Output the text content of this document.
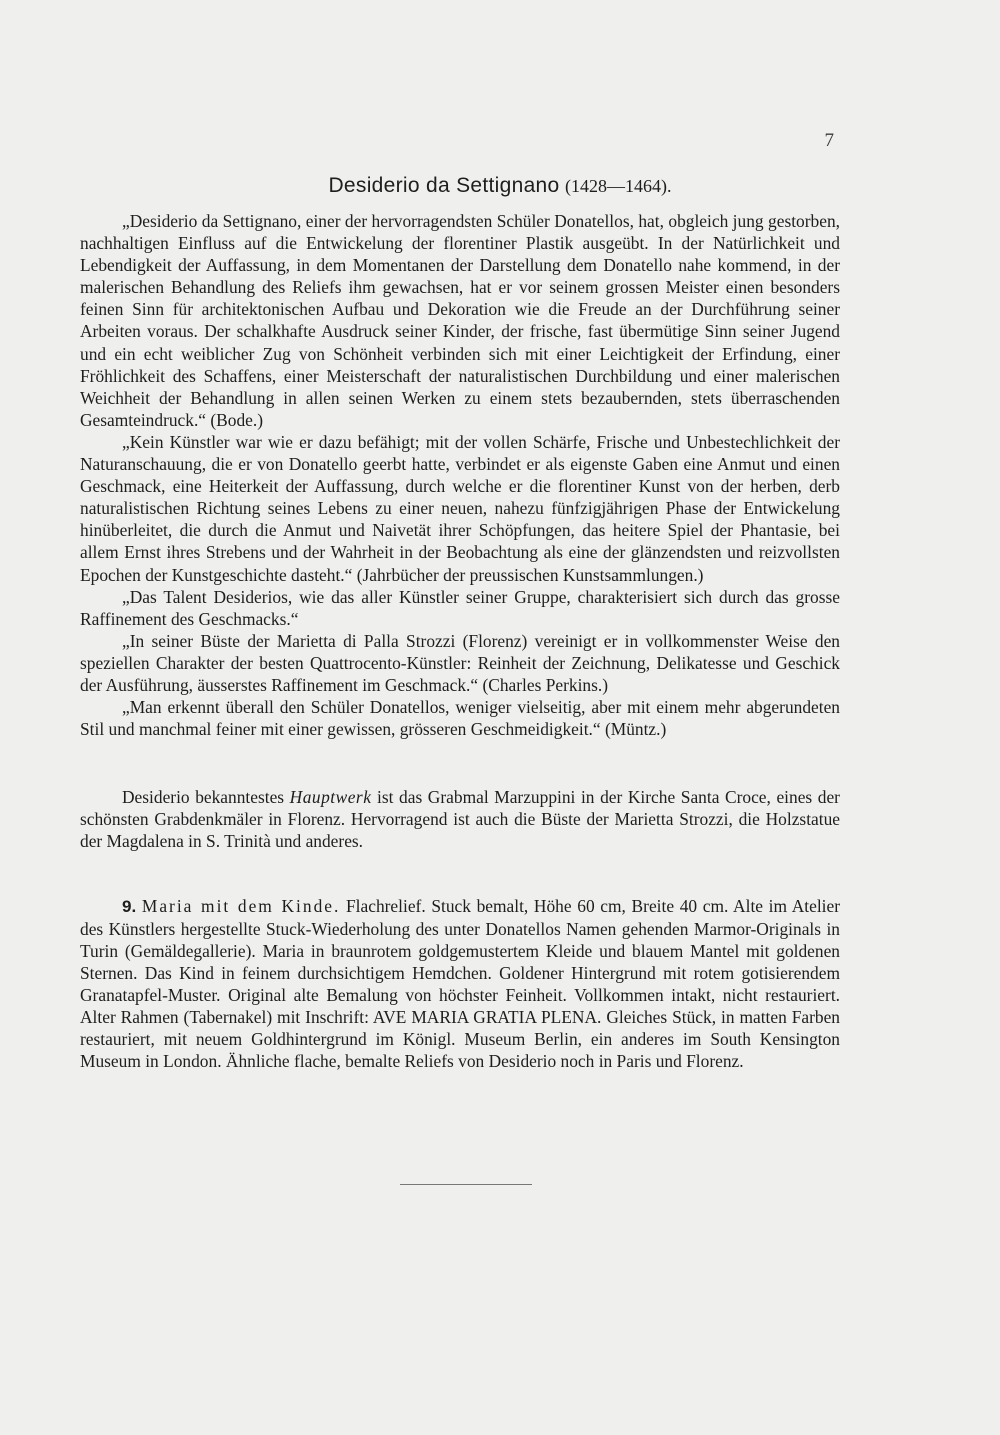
7
Desiderio da Settignano (1428—1464).

„Desiderio da Settignano, einer der hervorragendsten Schüler Donatellos, hat, obgleich jung gestorben, nachhaltigen Einfluss auf die Entwickelung der florentiner Plastik ausgeübt. In der Natürlichkeit und Lebendigkeit der Auffassung, in dem Momentanen der Darstellung dem Donatello nahe kommend, in der malerischen Behandlung des Reliefs ihm gewachsen, hat er vor seinem grossen Meister einen besonders feinen Sinn für architektonischen Aufbau und Dekoration wie die Freude an der Durchführung seiner Arbeiten voraus. Der schalkhafte Ausdruck seiner Kinder, der frische, fast übermütige Sinn seiner Jugend und ein echt weiblicher Zug von Schönheit verbinden sich mit einer Leichtigkeit der Erfindung, einer Fröhlichkeit des Schaffens, einer Meisterschaft der naturalistischen Durchbildung und einer malerischen Weichheit der Behandlung in allen seinen Werken zu einem stets bezaubernden, stets überraschenden Gesamteindruck.“ (Bode.)

„Kein Künstler war wie er dazu befähigt; mit der vollen Schärfe, Frische und Unbestechlichkeit der Naturanschauung, die er von Donatello geerbt hatte, verbindet er als eigenste Gaben eine Anmut und einen Geschmack, eine Heiterkeit der Auffassung, durch welche er die florentiner Kunst von der herben, derb naturalistischen Richtung seines Lebens zu einer neuen, nahezu fünfzigjährigen Phase der Entwickelung hinüberleitet, die durch die Anmut und Naivetät ihrer Schöpfungen, das heitere Spiel der Phantasie, bei allem Ernst ihres Strebens und der Wahrheit in der Beobachtung als eine der glänzendsten und reizvollsten Epochen der Kunstgeschichte dasteht.“ (Jahrbücher der preussischen Kunstsammlungen.)

„Das Talent Desiderios, wie das aller Künstler seiner Gruppe, charakterisiert sich durch das grosse Raffinement des Geschmacks.“

„In seiner Büste der Marietta di Palla Strozzi (Florenz) vereinigt er in vollkommenster Weise den speziellen Charakter der besten Quattrocento-Künstler: Reinheit der Zeichnung, Delikatesse und Geschick der Ausführung, äusserstes Raffinement im Geschmack.“ (Charles Perkins.)

„Man erkennt überall den Schüler Donatellos, weniger vielseitig, aber mit einem mehr abgerundeten Stil und manchmal feiner mit einer gewissen, grösseren Geschmeidigkeit.“ (Müntz.)

Desiderio bekanntestes Hauptwerk ist das Grabmal Marzuppini in der Kirche Santa Croce, eines der schönsten Grabdenkmäler in Florenz. Hervorragend ist auch die Büste der Marietta Strozzi, die Holzstatue der Magdalena in S. Trinità und anderes.

9. Maria mit dem Kinde. Flachrelief. Stuck bemalt, Höhe 60 cm, Breite 40 cm. Alte im Atelier des Künstlers hergestellte Stuck-Wiederholung des unter Donatellos Namen gehenden Marmor-Originals in Turin (Gemäldegallerie). Maria in braunrotem goldgemustertem Kleide und blauem Mantel mit goldenen Sternen. Das Kind in feinem durchsichtigem Hemdchen. Goldener Hintergrund mit rotem gotisierendem Granatapfel-Muster. Original alte Bemalung von höchster Feinheit. Vollkommen intakt, nicht restauriert. Alter Rahmen (Tabernakel) mit Inschrift: AVE MARIA GRATIA PLENA. Gleiches Stück, in matten Farben restauriert, mit neuem Goldhintergrund im Königl. Museum Berlin, ein anderes im South Kensington Museum in London. Ähnliche flache, bemalte Reliefs von Desiderio noch in Paris und Florenz.
